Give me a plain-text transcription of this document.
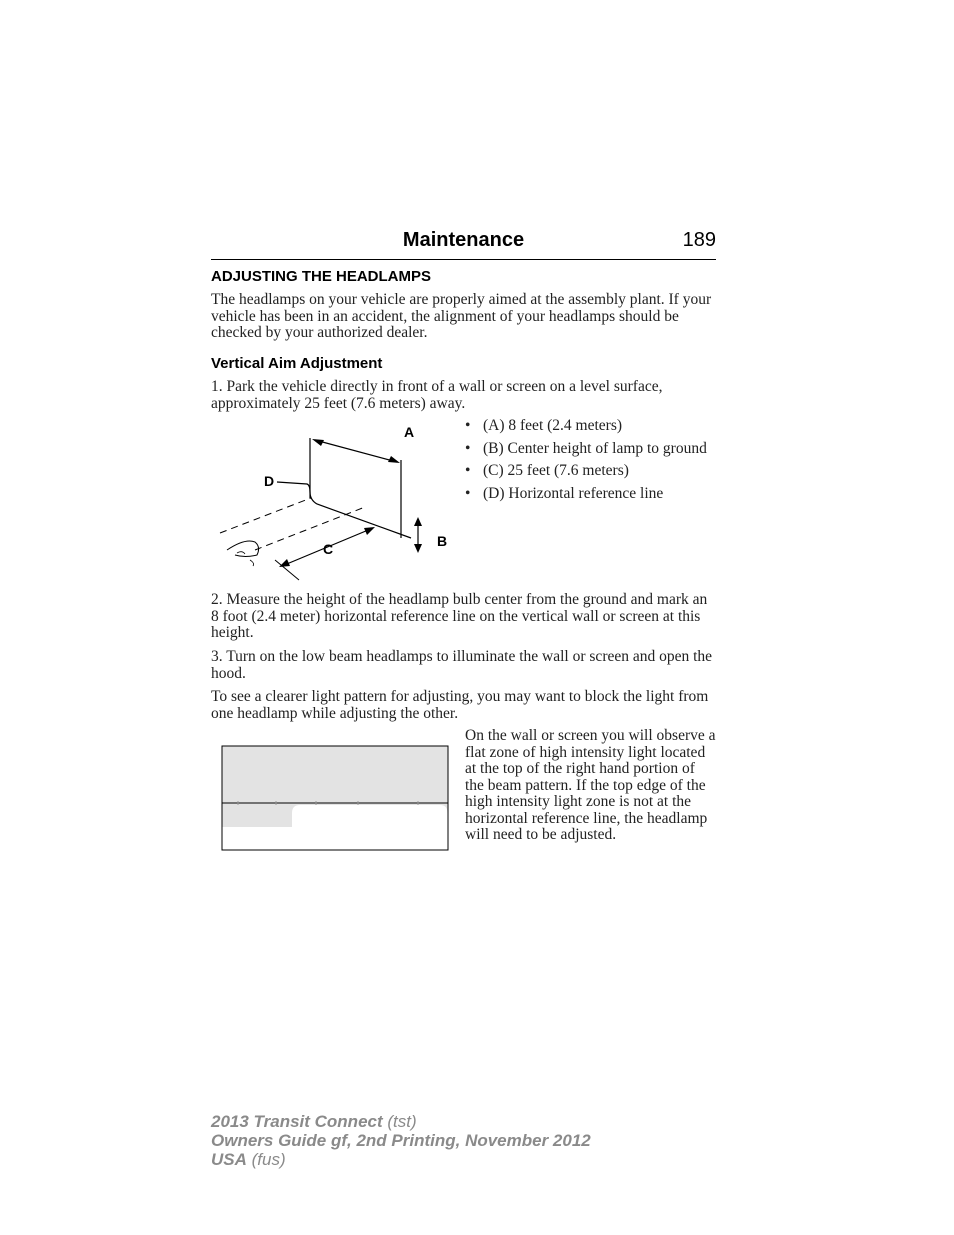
Maintenance	189
ADJUSTING THE HEADLAMPS

The headlamps on your vehicle are properly aimed at the assembly plant. If your vehicle has been in an accident, the alignment of your headlamps should be checked by your authorized dealer.

Vertical Aim Adjustment

1. Park the vehicle directly in front of a wall or screen on a level surface, approximately 25 feet (7.6 meters) away.

A
D
B
C
• (A) 8 feet (2.4 meters)
• (B) Center height of lamp to ground
• (C) 25 feet (7.6 meters)
• (D) Horizontal reference line

2. Measure the height of the headlamp bulb center from the ground and mark an 8 foot (2.4 meter) horizontal reference line on the vertical wall or screen at this height.

3. Turn on the low beam headlamps to illuminate the wall or screen and open the hood.

To see a clearer light pattern for adjusting, you may want to block the light from one headlamp while adjusting the other.

On the wall or screen you will observe a flat zone of high intensity light located at the top of the right hand portion of the beam pattern. If the top edge of the high intensity light zone is not at the horizontal reference line, the headlamp will need to be adjusted.

2013 Transit Connect (tst)
Owners Guide gf, 2nd Printing, November 2012
USA (fus)
